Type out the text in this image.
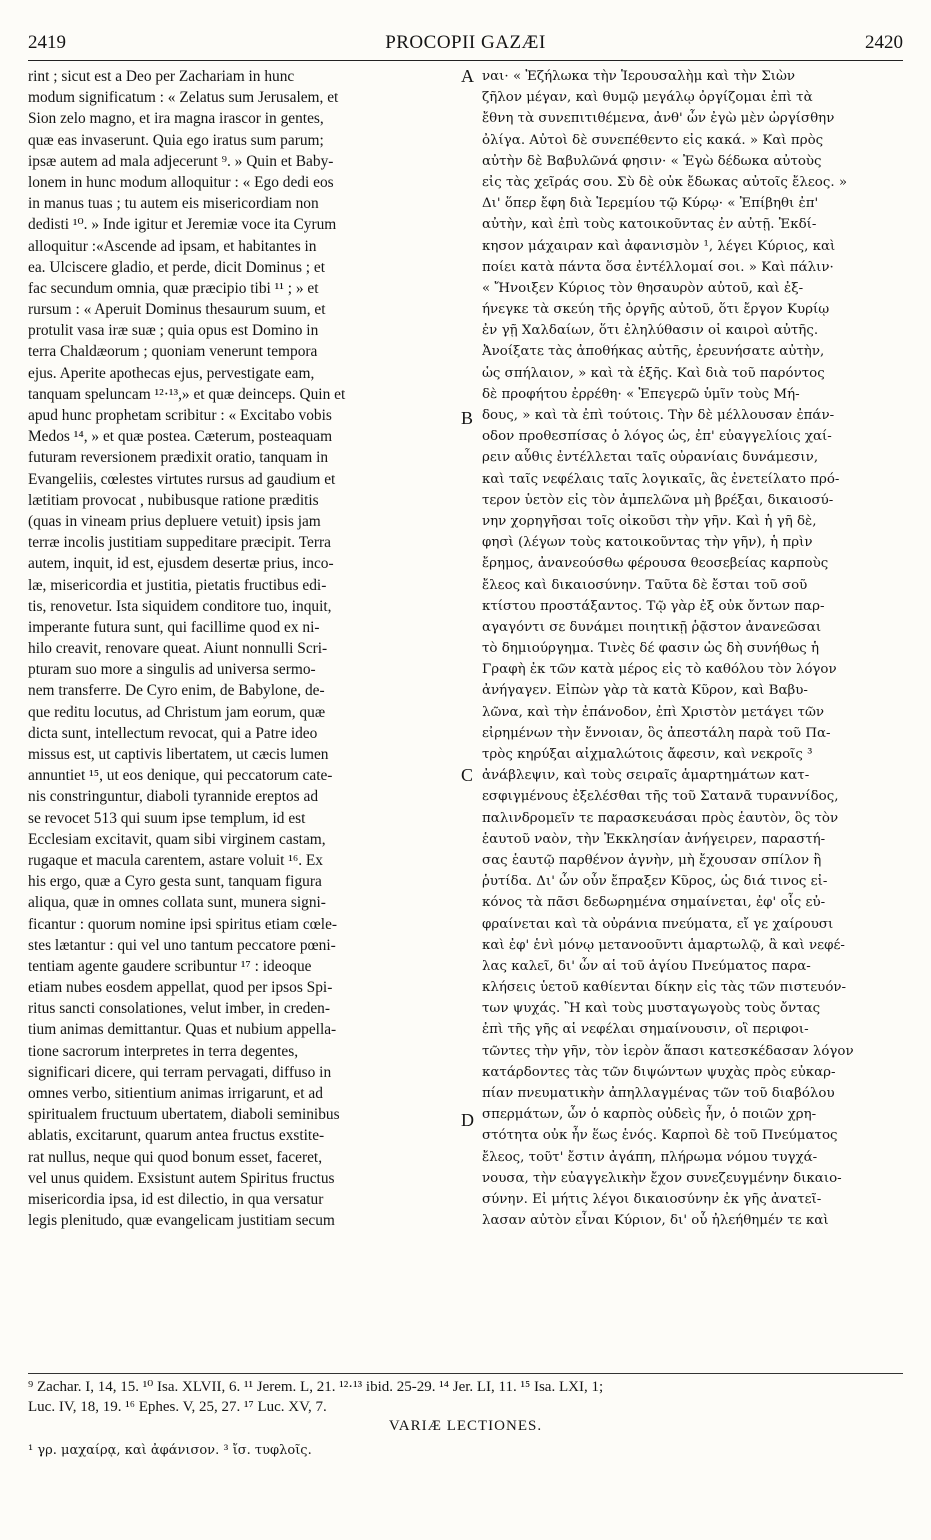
2419	PROCOPII GAZÆI	2420
rint ; sicut est a Deo per Zachariam in hunc
modum significatum : « Zelatus sum Jerusalem, et
Sion zelo magno, et ira magna irascor in gentes,
quæ eas invaserunt. Quia ego iratus sum parum;
ipsæ autem ad mala adjecerunt ⁹. » Quin et Baby-
lonem in hunc modum alloquitur : « Ego dedi eos
in manus tuas ; tu autem eis misericordiam non
dedisti ¹⁰. » Inde igitur et Jeremiæ voce ita Cyrum
alloquitur :«Ascende ad ipsam, et habitantes in
ea. Ulciscere gladio, et perde, dicit Dominus ; et
fac secundum omnia, quæ præcipio tibi ¹¹ ; » et
rursum : « Aperuit Dominus thesaurum suum, et
protulit vasa iræ suæ ; quia opus est Domino in
terra Chaldæorum ; quoniam venerunt tempora
ejus. Aperite apothecas ejus, pervestigate eam,
tanquam speluncam ¹²·¹³,» et quæ deinceps. Quin et
apud hunc prophetam scribitur : « Excitabo vobis
Medos ¹⁴, » et quæ postea. Cæterum, posteaquam
futuram reversionem prædixit oratio, tanquam in
Evangeliis, cœlestes virtutes rursus ad gaudium et
lætitiam provocat , nubibusque ratione præditis
(quas in vineam prius depluere vetuit) ipsis jam
terræ incolis justitiam suppeditare præcipit. Terra
autem, inquit, id est, ejusdem desertæ prius, inco-
læ, misericordia et justitia, pietatis fructibus edi-
tis, renovetur. Ista siquidem conditore tuo, inquit,
imperante futura sunt, qui facillime quod ex ni-
hilo creavit, renovare queat. Aiunt nonnulli Scri-
pturam suo more a singulis ad universa sermo-
nem transferre. De Cyro enim, de Babylone, de-
que reditu locutus, ad Christum jam eorum, quæ
dicta sunt, intellectum revocat, qui a Patre ideo
missus est, ut captivis libertatem, ut cæcis lumen
annuntiet ¹⁵, ut eos denique, qui peccatorum cate-
nis constringuntur, diaboli tyrannide ereptos ad
se revocet 513 qui suum ipse templum, id est
Ecclesiam excitavit, quam sibi virginem castam,
rugaque et macula carentem, astare voluit ¹⁶. Ex
his ergo, quæ a Cyro gesta sunt, tanquam figura
aliqua, quæ in omnes collata sunt, munera signi-
ficantur : quorum nomine ipsi spiritus etiam cœle-
stes lætantur : qui vel uno tantum peccatore pœni-
tentiam agente gaudere scribuntur ¹⁷ : ideoque
etiam nubes eosdem appellat, quod per ipsos Spi-
ritus sancti consolationes, velut imber, in creden-
tium animas demittantur. Quas et nubium appella-
tione sacrorum interpretes in terra degentes,
significari dicere, qui terram pervagati, diffuso in
omnes verbo, sitientium animas irrigarunt, et ad
spiritualem fructuum ubertatem, diaboli seminibus
ablatis, excitarunt, quarum antea fructus exstite-
rat nullus, neque qui quod bonum esset, faceret,
vel unus quidem. Exsistunt autem Spiritus fructus
misericordia ipsa, id est dilectio, in qua versatur
legis plenitudo, quæ evangelicam justitiam secum
ναι· « Ἐζήλωκα τὴν Ἱερουσαλὴμ καὶ τὴν Σιὼν
ζῆλον μέγαν, καὶ θυμῷ μεγάλῳ ὀργίζομαι ἐπὶ τὰ
ἔθνη τὰ συνεπιτιθέμενα, ἀνθ' ὧν ἐγὼ μὲν ὠργίσθην
ὀλίγα. Αὐτοὶ δὲ συνεπέθεντο εἰς κακά. » Καὶ πρὸς
αὐτὴν δὲ Βαβυλῶνά φησιν· « Ἐγὼ δέδωκα αὐτοὺς
εἰς τὰς χεῖράς σου. Σὺ δὲ οὐκ ἔδωκας αὐτοῖς ἔλεος. »
Δι' ὅπερ ἔφη διὰ Ἱερεμίου τῷ Κύρῳ· « Ἐπίβηθι ἐπ'
αὐτὴν, καὶ ἐπὶ τοὺς κατοικοῦντας ἐν αὐτῇ. Ἐκδί-
κησον μάχαιραν καὶ ἀφανισμὸν ¹, λέγει Κύριος, καὶ
ποίει κατὰ πάντα ὅσα ἐντέλλομαί σοι. » Καὶ πάλιν·
« Ἤνοιξεν Κύριος τὸν θησαυρὸν αὐτοῦ, καὶ ἐξ-
ήνεγκε τὰ σκεύη τῆς ὀργῆς αὐτοῦ, ὅτι ἔργον Κυρίῳ
ἐν γῇ Χαλδαίων, ὅτι ἐληλύθασιν οἱ καιροὶ αὐτῆς.
Ἀνοίξατε τὰς ἀποθήκας αὐτῆς, ἐρευνήσατε αὐτὴν,
ὡς σπήλαιον, » καὶ τὰ ἑξῆς. Καὶ διὰ τοῦ παρόντος
δὲ προφήτου ἐρρέθη· « Ἐπεγερῶ ὑμῖν τοὺς Μή-
δους, » καὶ τὰ ἐπὶ τούτοις. Τὴν δὲ μέλλουσαν ἐπάν-
οδον προθεσπίσας ὁ λόγος ὡς, ἐπ' εὐαγγελίοις χαί-
ρειν αὖθις ἐντέλλεται ταῖς οὐρανίαις δυνάμεσιν,
καὶ ταῖς νεφέλαις ταῖς λογικαῖς, ἃς ἐνετείλατο πρό-
τερον ὑετὸν εἰς τὸν ἀμπελῶνα μὴ βρέξαι, δικαιοσύ-
νην χορηγῆσαι τοῖς οἰκοῦσι τὴν γῆν. Καὶ ἡ γῆ δὲ,
φησὶ (λέγων τοὺς κατοικοῦντας τὴν γῆν), ἡ πρὶν
ἔρημος, ἀνανεούσθω φέρουσα θεοσεβείας καρποὺς
ἔλεος καὶ δικαιοσύνην. Ταῦτα δὲ ἔσται τοῦ σοῦ
κτίστου προστάξαντος. Τῷ γὰρ ἐξ οὐκ ὄντων παρ-
αγαγόντι σε δυνάμει ποιητικῇ ῥᾷστον ἀνανεῶσαι
τὸ δημιούργημα. Τινὲς δέ φασιν ὡς δὴ συνήθως ἡ
Γραφὴ ἐκ τῶν κατὰ μέρος εἰς τὸ καθόλου τὸν λόγον
ἀνήγαγεν. Εἰπὼν γὰρ τὰ κατὰ Κῦρον, καὶ Βαβυ-
λῶνα, καὶ τὴν ἐπάνοδον, ἐπὶ Χριστὸν μετάγει τῶν
εἰρημένων τὴν ἔννοιαν, ὃς ἀπεστάλη παρὰ τοῦ Πα-
τρὸς κηρύξαι αἰχμαλώτοις ἄφεσιν, καὶ νεκροῖς ³
ἀνάβλεψιν, καὶ τοὺς σειραῖς ἁμαρτημάτων κατ-
εσφιγμένους ἐξελέσθαι τῆς τοῦ Σατανᾶ τυραννίδος,
παλινδρομεῖν τε παρασκευάσαι πρὸς ἑαυτὸν, ὃς τὸν
ἑαυτοῦ ναὸν, τὴν Ἐκκλησίαν ἀνήγειρεν, παραστή-
σας ἑαυτῷ παρθένον ἁγνὴν, μὴ ἔχουσαν σπίλον ἢ
ῥυτίδα. Δι' ὧν οὖν ἔπραξεν Κῦρος, ὡς διά τινος εἰ-
κόνος τὰ πᾶσι δεδωρημένα σημαίνεται, ἐφ' οἷς εὐ-
φραίνεται καὶ τὰ οὐράνια πνεύματα, εἴ γε χαίρουσι
καὶ ἐφ' ἑνὶ μόνῳ μετανοοῦντι ἁμαρτωλῷ, ἃ καὶ νεφέ-
λας καλεῖ, δι' ὧν αἱ τοῦ ἁγίου Πνεύματος παρα-
κλήσεις ὑετοῦ καθίενται δίκην εἰς τὰς τῶν πιστευόν-
των ψυχάς. Ἢ καὶ τοὺς μυσταγωγοὺς τοὺς ὄντας
ἐπὶ τῆς γῆς αἱ νεφέλαι σημαίνουσιν, οἳ περιφοι-
τῶντες τὴν γῆν, τὸν ἱερὸν ἅπασι κατεσκέδασαν λόγον
κατάρδοντες τὰς τῶν διψώντων ψυχὰς πρὸς εὐκαρ-
πίαν πνευματικὴν ἀπηλλαγμένας τῶν τοῦ διαβόλου
σπερμάτων, ὧν ὁ καρπὸς οὐδεὶς ἦν, ὁ ποιῶν χρη-
στότητα οὐκ ἦν ἕως ἑνός. Καρποὶ δὲ τοῦ Πνεύματος
ἔλεος, τοῦτ' ἔστιν ἀγάπη, πλήρωμα νόμου τυγχά-
νουσα, τὴν εὐαγγελικὴν ἔχον συνεζευγμένην δικαιο-
σύνην. Εἰ μήτις λέγοι δικαιοσύνην ἐκ γῆς ἀνατεῖ-
λασαν αὐτὸν εἶναι Κύριον, δι' οὗ ἠλεήθημέν τε καὶ
A
B
C
D
⁹ Zachar. I, 14, 15. ¹⁰ Isa. XLVII, 6. ¹¹ Jerem. L, 21. ¹²·¹³ ibid. 25-29. ¹⁴ Jer. LI, 11. ¹⁵ Isa. LXI, 1;
Luc. IV, 18, 19. ¹⁶ Ephes. V, 25, 27. ¹⁷ Luc. XV, 7.
VARIÆ LECTIONES.
¹ γρ. μαχαίρᾳ, καὶ ἀφάνισον. ³ ἴσ. τυφλοῖς.
